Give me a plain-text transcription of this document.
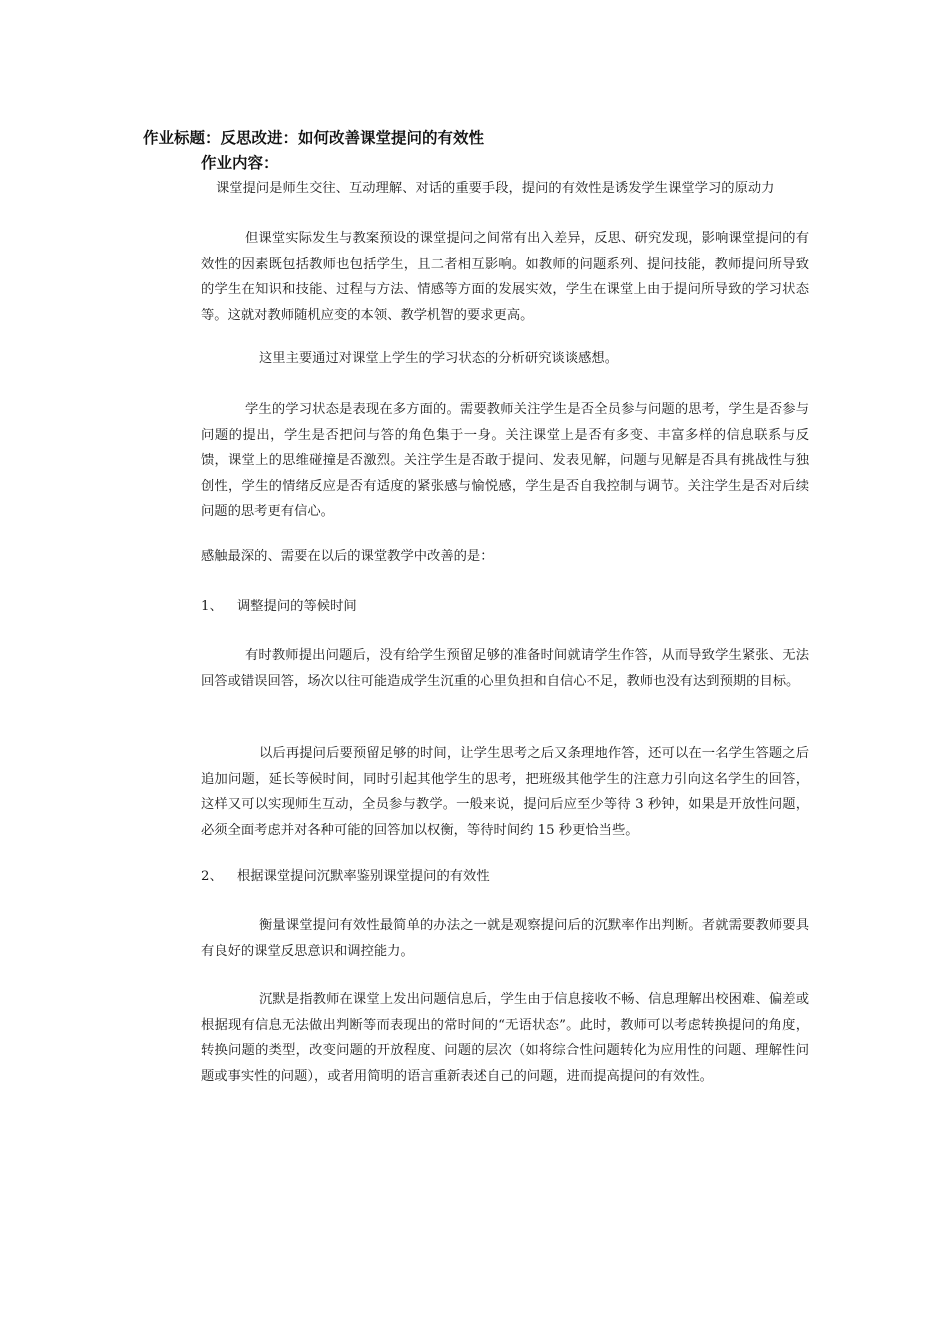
作业标题：反思改进：如何改善课堂提问的有效性
作业内容：

课堂提问是师生交往、互动理解、对话的重要手段，提问的有效性是诱发学生课堂学习的原动力

但课堂实际发生与教案预设的课堂提问之间常有出入差异，反思、研究发现，影响课堂提问的有效性的因素既包括教师也包括学生，且二者相互影响。如教师的问题系列、提问技能，教师提问所导致的学生在知识和技能、过程与方法、情感等方面的发展实效，学生在课堂上由于提问所导致的学习状态等。这就对教师随机应变的本领、教学机智的要求更高。

这里主要通过对课堂上学生的学习状态的分析研究谈谈感想。

学生的学习状态是表现在多方面的。需要教师关注学生是否全员参与问题的思考，学生是否参与问题的提出，学生是否把问与答的角色集于一身。关注课堂上是否有多变、丰富多样的信息联系与反馈，课堂上的思维碰撞是否激烈。关注学生是否敢于提问、发表见解，问题与见解是否具有挑战性与独创性，学生的情绪反应是否有适度的紧张感与愉悦感，学生是否自我控制与调节。关注学生是否对后续问题的思考更有信心。

感触最深的、需要在以后的课堂教学中改善的是：

1、 调整提问的等候时间

有时教师提出问题后，没有给学生预留足够的准备时间就请学生作答，从而导致学生紧张、无法回答或错误回答，场次以往可能造成学生沉重的心里负担和自信心不足，教师也没有达到预期的目标。

以后再提问后要预留足够的时间，让学生思考之后又条理地作答，还可以在一名学生答题之后追加问题，延长等候时间，同时引起其他学生的思考，把班级其他学生的注意力引向这名学生的回答，这样又可以实现师生互动，全员参与教学。一般来说，提问后应至少等待 3 秒钟，如果是开放性问题，必须全面考虑并对各种可能的回答加以权衡，等待时间约 15 秒更恰当些。

2、 根据课堂提问沉默率鉴别课堂提问的有效性

衡量课堂提问有效性最简单的办法之一就是观察提问后的沉默率作出判断。者就需要教师要具有良好的课堂反思意识和调控能力。

沉默是指教师在课堂上发出问题信息后，学生由于信息接收不畅、信息理解出校困难、偏差或根据现有信息无法做出判断等而表现出的常时间的“无语状态”。此时，教师可以考虑转换提问的角度，转换问题的类型，改变问题的开放程度、问题的层次（如将综合性问题转化为应用性的问题、理解性问题或事实性的问题），或者用简明的语言重新表述自己的问题，进而提高提问的有效性。
